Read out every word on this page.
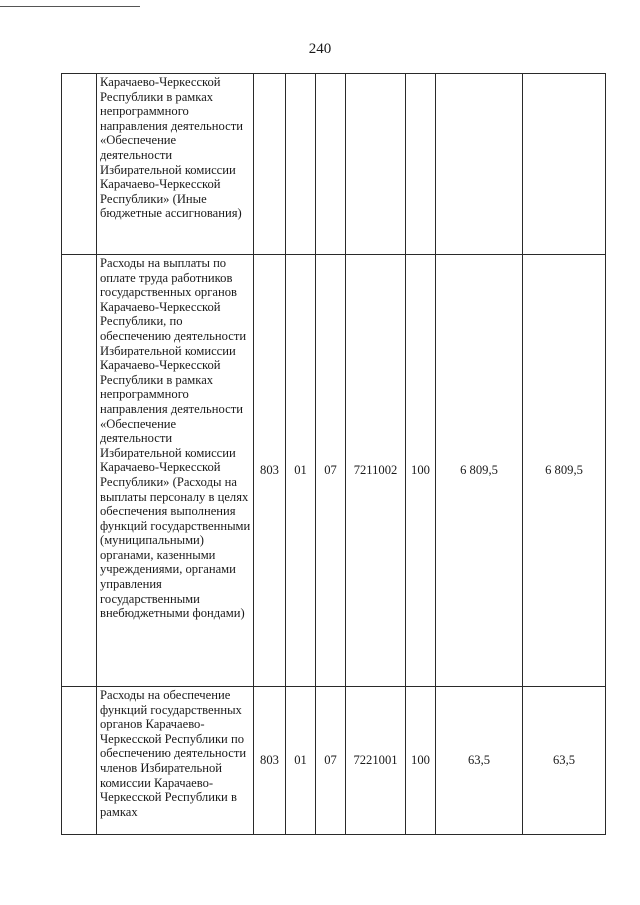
240
	Карачаево-Черкесской Республики в рамках непрограммного направления деятельности «Обеспечение деятельности Избирательной комиссии Карачаево-Черкесской Республики» (Иные бюджетные ассигнования)							
	Расходы на выплаты по оплате труда работников государственных органов Карачаево-Черкесской Республики, по обеспечению деятельности Избирательной комиссии Карачаево-Черкесской Республики в рамках непрограммного направления деятельности «Обеспечение деятельности Избирательной комиссии Карачаево-Черкесской Республики» (Расходы на выплаты персоналу в целях обеспечения выполнения функций государственными (муниципальными) органами, казенными учреждениями, органами управления государственными внебюджетными фондами)	803	01	07	7211002	100	6 809,5	6 809,5
	Расходы на обеспечение функций государственных органов Карачаево-Черкесской Республики по обеспечению деятельности членов Избирательной комиссии Карачаево-Черкесской Республики в рамках	803	01	07	7221001	100	63,5	63,5
